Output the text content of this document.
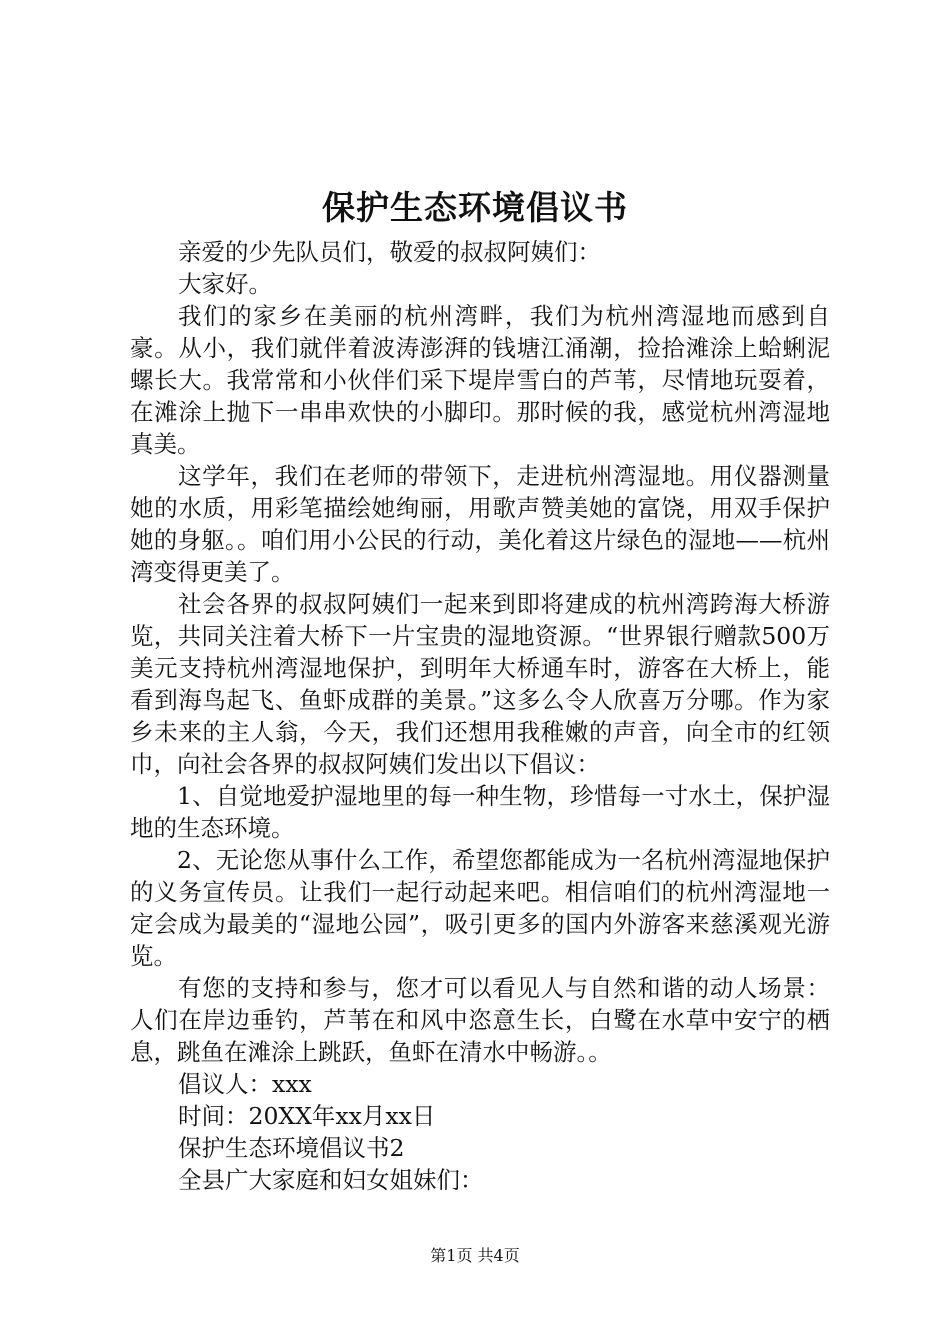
保护生态环境倡议书

亲爱的少先队员们，敬爱的叔叔阿姨们：

大家好。

我们的家乡在美丽的杭州湾畔，我们为杭州湾湿地而感到自豪。从小，我们就伴着波涛澎湃的钱塘江涌潮，捡拾滩涂上蛤蜊泥螺长大。我常常和小伙伴们采下堤岸雪白的芦苇，尽情地玩耍着，在滩涂上抛下一串串欢快的小脚印。那时候的我，感觉杭州湾湿地真美。

这学年，我们在老师的带领下，走进杭州湾湿地。用仪器测量她的水质，用彩笔描绘她绚丽，用歌声赞美她的富饶，用双手保护她的身躯。。咱们用小公民的行动，美化着这片绿色的湿地——杭州湾变得更美了。

社会各界的叔叔阿姨们一起来到即将建成的杭州湾跨海大桥游览，共同关注着大桥下一片宝贵的湿地资源。“世界银行赠款500万美元支持杭州湾湿地保护，到明年大桥通车时，游客在大桥上，能看到海鸟起飞、鱼虾成群的美景。”这多么令人欣喜万分哪。作为家乡未来的主人翁，今天，我们还想用我稚嫩的声音，向全市的红领巾，向社会各界的叔叔阿姨们发出以下倡议：

1、自觉地爱护湿地里的每一种生物，珍惜每一寸水土，保护湿地的生态环境。

2、无论您从事什么工作，希望您都能成为一名杭州湾湿地保护的义务宣传员。让我们一起行动起来吧。相信咱们的杭州湾湿地一定会成为最美的“湿地公园”，吸引更多的国内外游客来慈溪观光游览。

有您的支持和参与，您才可以看见人与自然和谐的动人场景：人们在岸边垂钓，芦苇在和风中恣意生长，白鹭在水草中安宁的栖息，跳鱼在滩涂上跳跃，鱼虾在清水中畅游。。

倡议人：xxx

时间：20XX年xx月xx日

保护生态环境倡议书2

全县广大家庭和妇女姐妹们：

第1页 共4页
